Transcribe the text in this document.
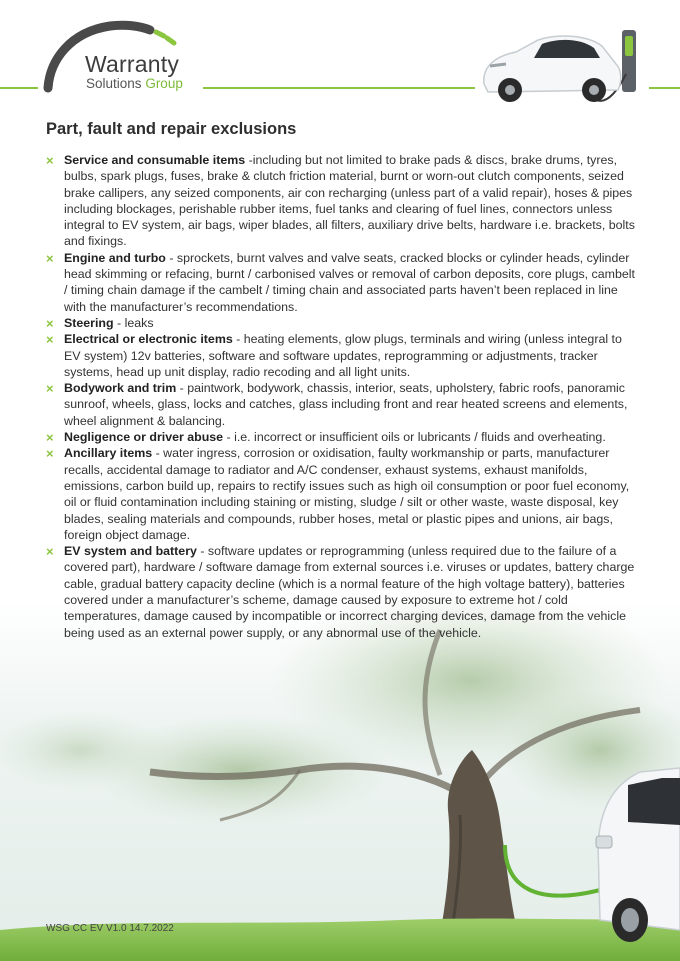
Warranty
Solutions Group
Part, fault and repair exclusions
× Service and consumable items -including but not limited to brake pads & discs, brake drums, tyres, bulbs, spark plugs, fuses, brake & clutch friction material, burnt or worn-out clutch components, seized brake callipers, any seized components, air con recharging (unless part of a valid repair), hoses & pipes including blockages, perishable rubber items, fuel tanks and clearing of fuel lines, connectors unless integral to EV system, air bags, wiper blades, all filters, auxiliary drive belts, hardware i.e. brackets, bolts and fixings.

× Engine and turbo - sprockets, burnt valves and valve seats, cracked blocks or cylinder heads, cylinder head skimming or refacing, burnt / carbonised valves or removal of carbon deposits, core plugs, cambelt / timing chain damage if the cambelt / timing chain and associated parts haven’t been replaced in line with the manufacturer’s recommendations.

× Steering - leaks

× Electrical or electronic items - heating elements, glow plugs, terminals and wiring (unless integral to EV system) 12v batteries, software and software updates, reprogramming or adjustments, tracker systems, head up unit display, radio recoding and all light units.

× Bodywork and trim - paintwork, bodywork, chassis, interior, seats, upholstery, fabric roofs, panoramic sunroof, wheels, glass, locks and catches, glass including front and rear heated screens and elements, wheel alignment & balancing.

× Negligence or driver abuse - i.e. incorrect or insufficient oils or lubricants / fluids and overheating.

× Ancillary items - water ingress, corrosion or oxidisation, faulty workmanship or parts, manufacturer recalls, accidental damage to radiator and A/C condenser, exhaust systems, exhaust manifolds, emissions, carbon build up, repairs to rectify issues such as high oil consumption or poor fuel economy, oil or fluid contamination including staining or misting, sludge / silt or other waste, waste disposal, key blades, sealing materials and compounds, rubber hoses, metal or plastic pipes and unions, air bags, foreign object damage.

× EV system and battery - software updates or reprogramming (unless required due to the failure of a covered part), hardware / software damage from external sources i.e. viruses or updates, battery charge cable, gradual battery capacity decline (which is a normal feature of the high voltage battery), batteries covered under a manufacturer’s scheme, damage caused by exposure to extreme hot / cold temperatures, damage caused by incompatible or incorrect charging devices, damage from the vehicle being used as an external power supply, or any abnormal use of the vehicle.

WSG CC EV V1.0 14.7.2022
